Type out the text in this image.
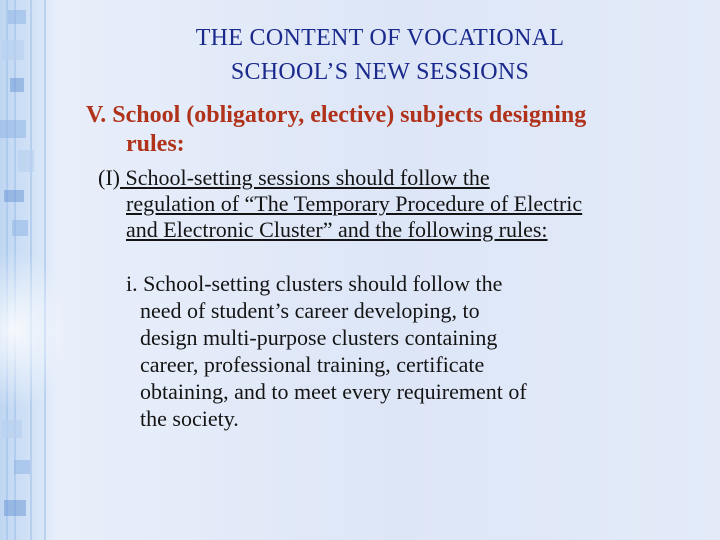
THE CONTENT OF VOCATIONAL
SCHOOL’S NEW SESSIONS
V. School (obligatory, elective) subjects designing
rules:
(I) School-setting sessions should follow the
regulation of “The Temporary Procedure of Electric
and Electronic Cluster” and the following rules:
i. School-setting clusters should follow the
need of student’s career developing, to
design multi-purpose clusters containing
career, professional training, certificate
obtaining, and to meet every requirement of
the society.
